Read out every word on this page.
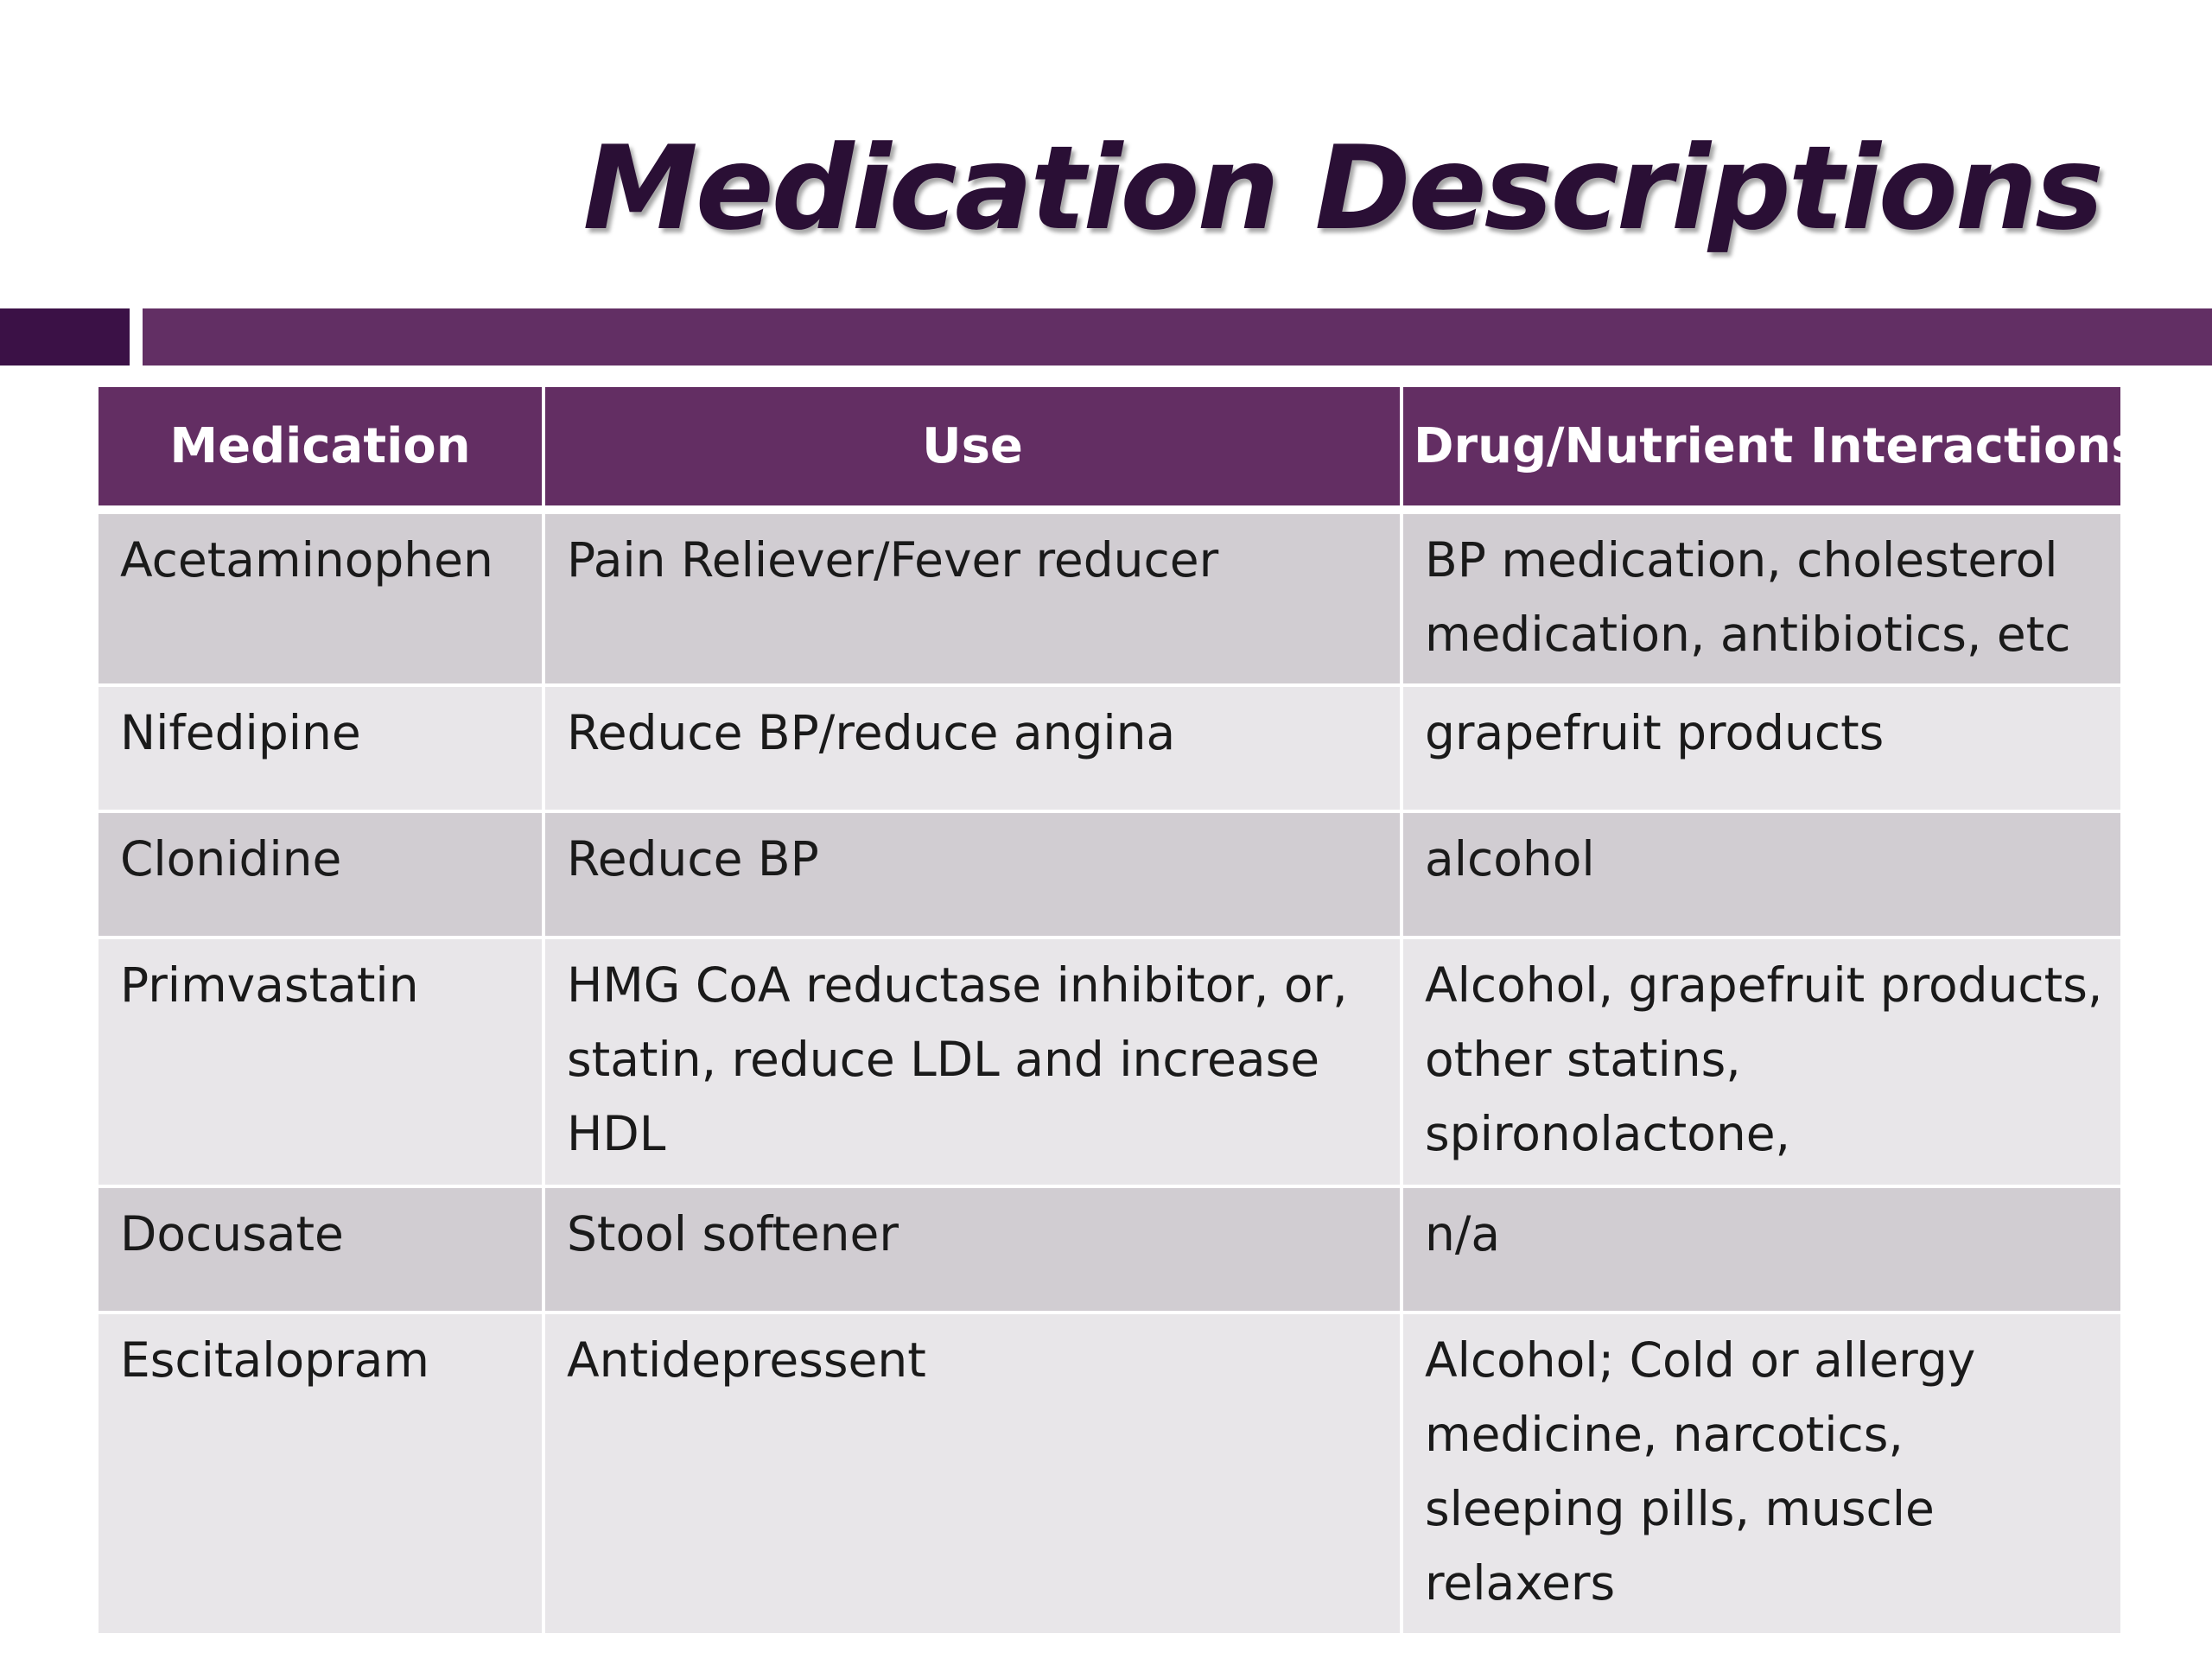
Medication Descriptions
Medication	Use	Drug/Nutrient Interactions
Acetaminophen	Pain Reliever/Fever reducer	BP medication, cholesterol medication, antibiotics, etc
Nifedipine	Reduce BP/reduce angina	grapefruit products
Clonidine	Reduce BP	alcohol
Primvastatin	HMG CoA reductase inhibitor, or, statin, reduce LDL and increase HDL	Alcohol, grapefruit products, other statins, spironolactone,
Docusate	Stool softener	n/a
Escitalopram	Antidepressent	Alcohol; Cold or allergy medicine, narcotics, sleeping pills, muscle relaxers
